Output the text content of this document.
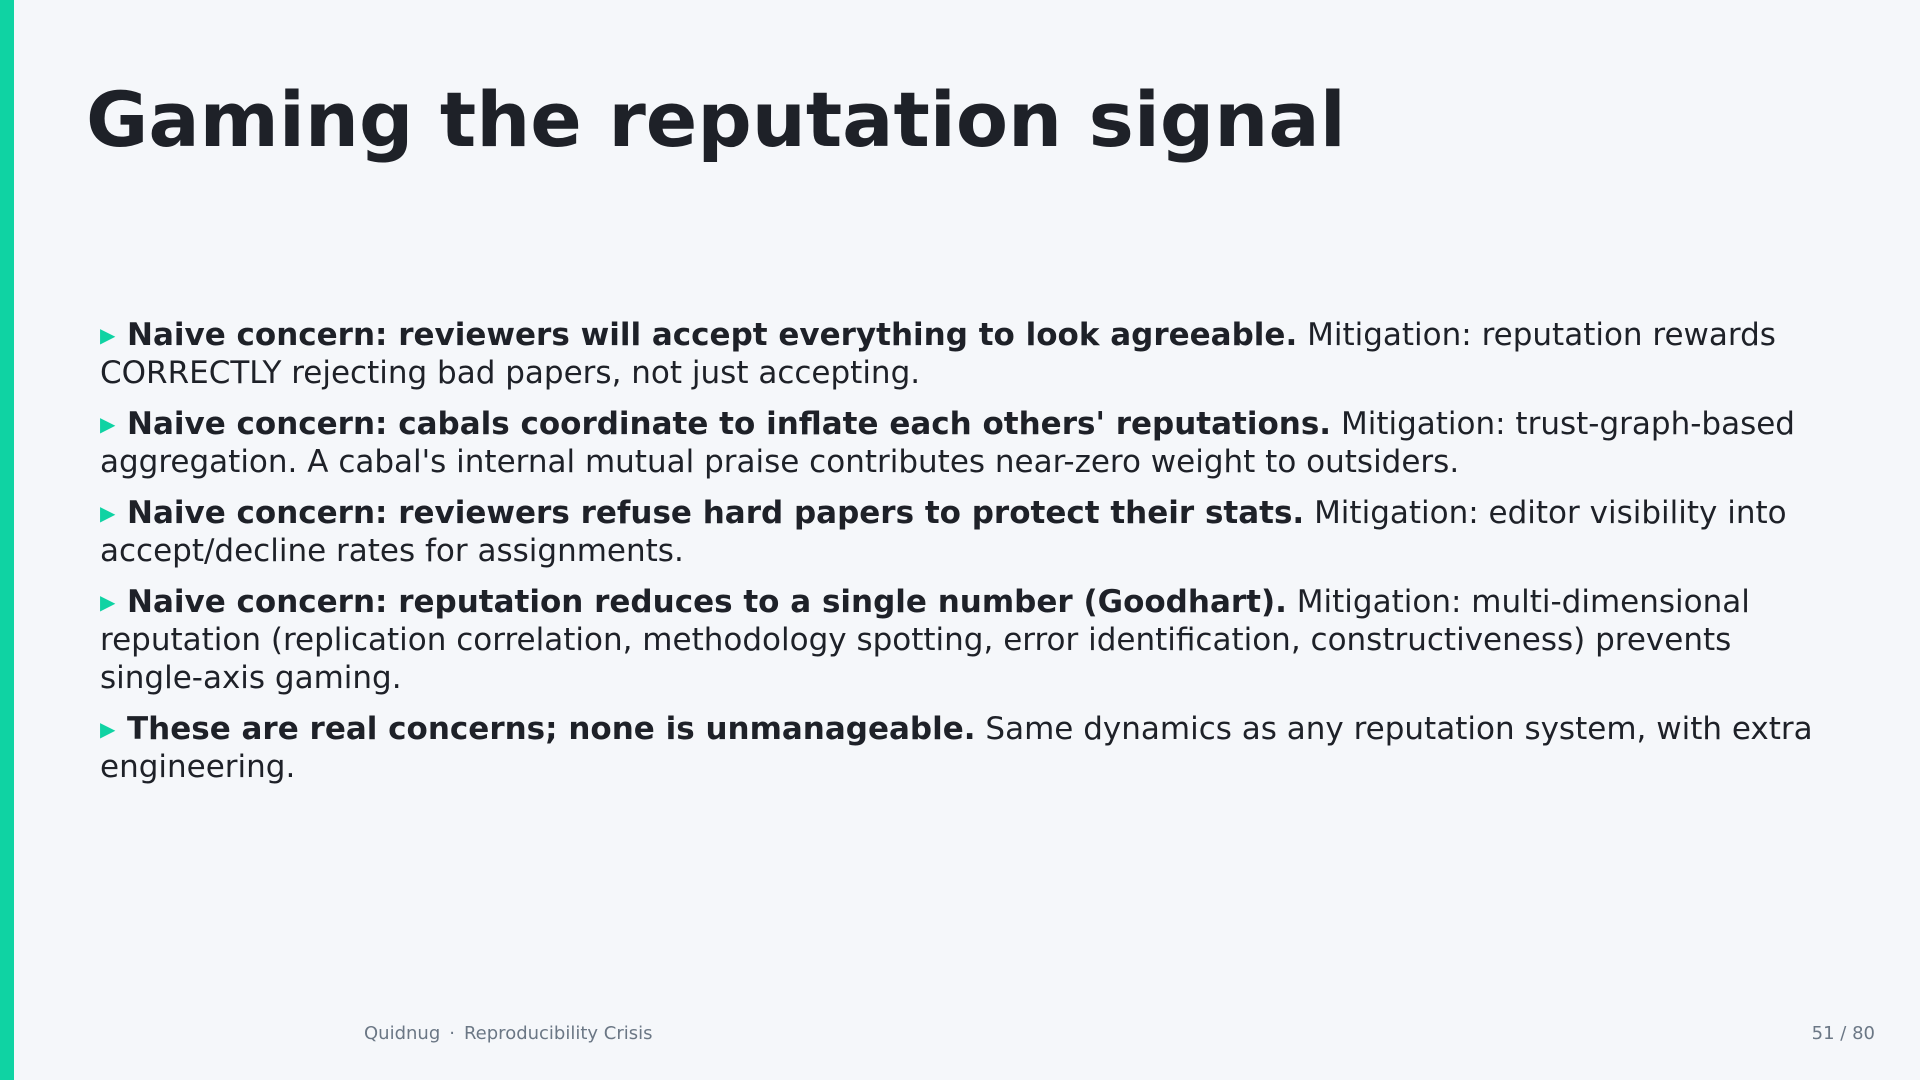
Gaming the reputation signal
▶ Naive concern: reviewers will accept everything to look agreeable. Mitigation: reputation rewards CORRECTLY rejecting bad papers, not just accepting.
▶ Naive concern: cabals coordinate to inflate each others' reputations. Mitigation: trust-graph-based aggregation. A cabal's internal mutual praise contributes near-zero weight to outsiders.
▶ Naive concern: reviewers refuse hard papers to protect their stats. Mitigation: editor visibility into accept/decline rates for assignments.
▶ Naive concern: reputation reduces to a single number (Goodhart). Mitigation: multi-dimensional reputation (replication correlation, methodology spotting, error identification, constructiveness) prevents single-axis gaming.
▶ These are real concerns; none is unmanageable. Same dynamics as any reputation system, with extra engineering.
Quidnug · Reproducibility Crisis	51 / 80
